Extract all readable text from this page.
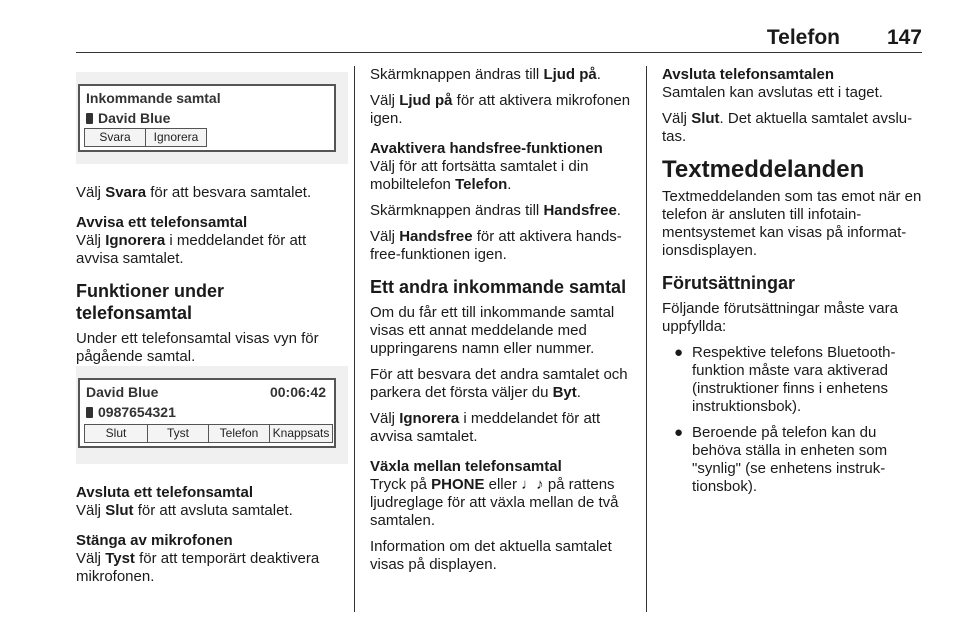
Telefon 147
Inkommande samtal
David Blue
Svara	Ignorera
David Blue	00:06:42
0987654321
Slut	Tyst	Telefon	Knappsats

Välj Svara för att besvara samtalet.

Avvisa ett telefonsamtal

Välj Ignorera i meddelandet för att avvisa samtalet.

Funktioner under telefonsamtal

Under ett telefonsamtal visas vyn för pågående samtal.

Avsluta ett telefonsamtal

Välj Slut för att avsluta samtalet.

Stänga av mikrofonen

Välj Tyst för att temporärt deaktivera mikrofonen.

Skärmknappen ändras till Ljud på.

Välj Ljud på för att aktivera mikrofonen igen.

Avaktivera handsfree-funktionen

Välj för att fortsätta samtalet i din mobiltelefon Telefon.

Skärmknappen ändras till Handsfree.

Välj Handsfree för att aktivera handsfree-funktionen igen.

Ett andra inkommande samtal

Om du får ett till inkommande samtal visas ett annat meddelande med uppringarens namn eller nummer.

För att besvara det andra samtalet och parkera det första väljer du Byt.

Välj Ignorera i meddelandet för att avvisa samtalet.

Växla mellan telefonsamtal

Tryck på PHONE eller ♩♪ på rattens ljudreglage för att växla mellan de två samtalen.

Information om det aktuella samtalet visas på displayen.

Avsluta telefonsamtalen

Samtalen kan avslutas ett i taget.

Välj Slut. Det aktuella samtalet avslutas.

Textmeddelanden

Textmeddelanden som tas emot när en telefon är ansluten till infotainmentsystemet kan visas på informationsdisplayen.

Förutsättningar

Följande förutsättningar måste vara uppfyllda:

● Respektive telefons Bluetooth-funktion måste vara aktiverad (instruktioner finns i enhetens instruktionsbok).
● Beroende på telefon kan du behöva ställa in enheten som "synlig" (se enhetens instruktionsbok).
